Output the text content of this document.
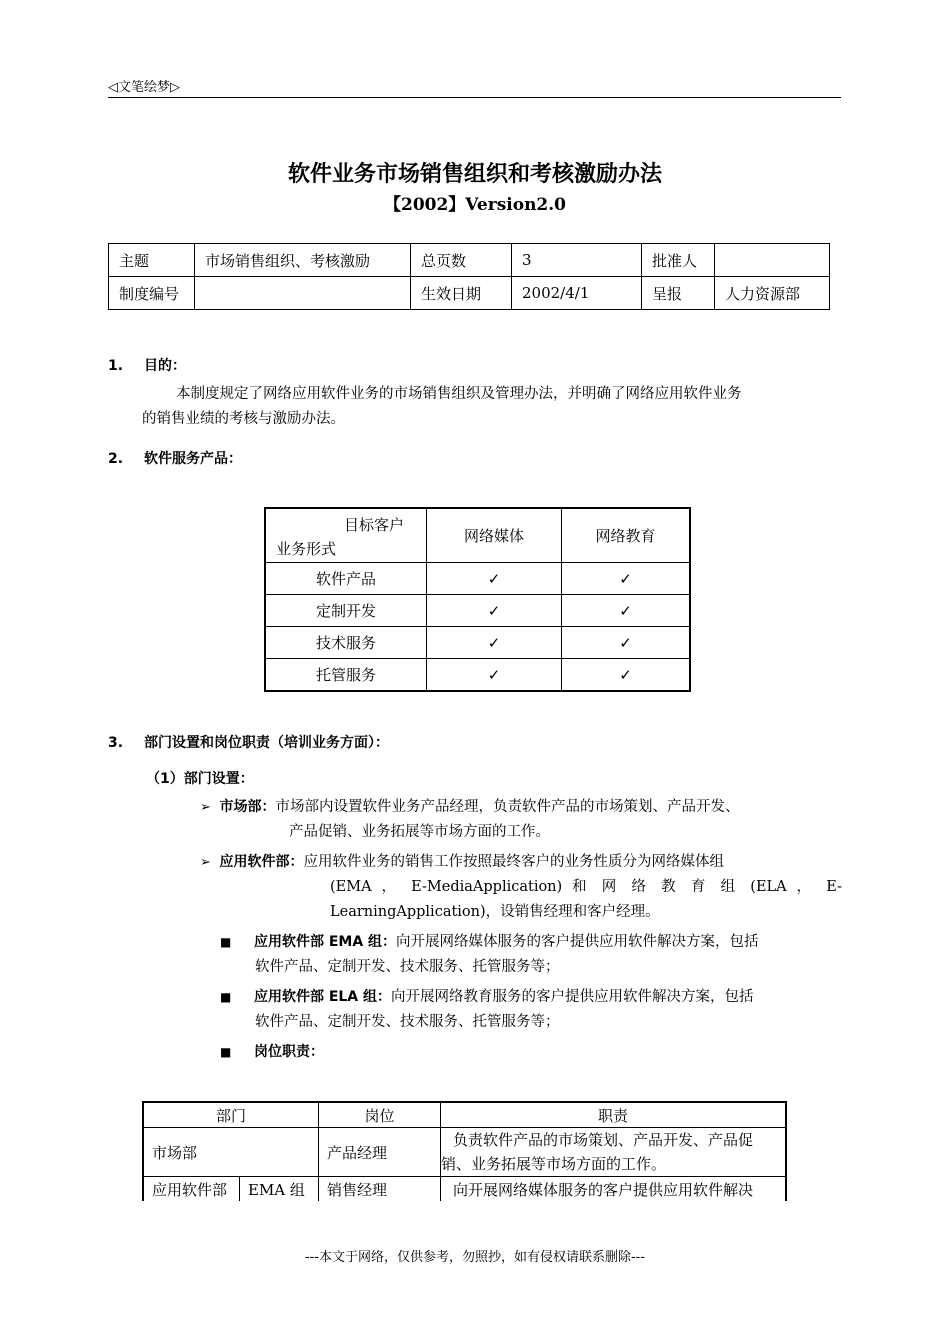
◁文笔绘梦▷
软件业务市场销售组织和考核激励办法
【2002】Version2.0
主题	市场销售组织、考核激励	总页数	3	批准人	
制度编号		生效日期	2002/4/1	呈报	人力资源部
1. 目的：
本制度规定了网络应用软件业务的市场销售组织及管理办法，并明确了网络应用软件业务
的销售业绩的考核与激励办法。
2. 软件服务产品：
目标客户
业务形式	网络媒体	网络教育
软件产品	✓	✓
定制开发	✓	✓
技术服务	✓	✓
托管服务	✓	✓
3. 部门设置和岗位职责（培训业务方面）：
（1）部门设置：
➢ 市场部：市场部内设置软件业务产品经理，负责软件产品的市场策划、产品开发、
产品促销、业务拓展等市场方面的工作。
➢ 应用软件部：应用软件业务的销售工作按照最终客户的业务性质分为网络媒体组
(EMA ， E-MediaApplication) 和 网 络 教 育 组 (ELA ， E-
LearningApplication)，设销售经理和客户经理。
■ 应用软件部 EMA 组：向开展网络媒体服务的客户提供应用软件解决方案，包括
软件产品、定制开发、技术服务、托管服务等；
■ 应用软件部 ELA 组：向开展网络教育服务的客户提供应用软件解决方案，包括
软件产品、定制开发、技术服务、托管服务等；
■ 岗位职责：
部门		岗位	职责
市场部		产品经理	负责软件产品的市场策划、产品开发、产品促
销、业务拓展等市场方面的工作。

应用软件部	EMA 组	销售经理	向开展网络媒体服务的客户提供应用软件解决
---本文于网络，仅供参考，勿照抄，如有侵权请联系删除---
